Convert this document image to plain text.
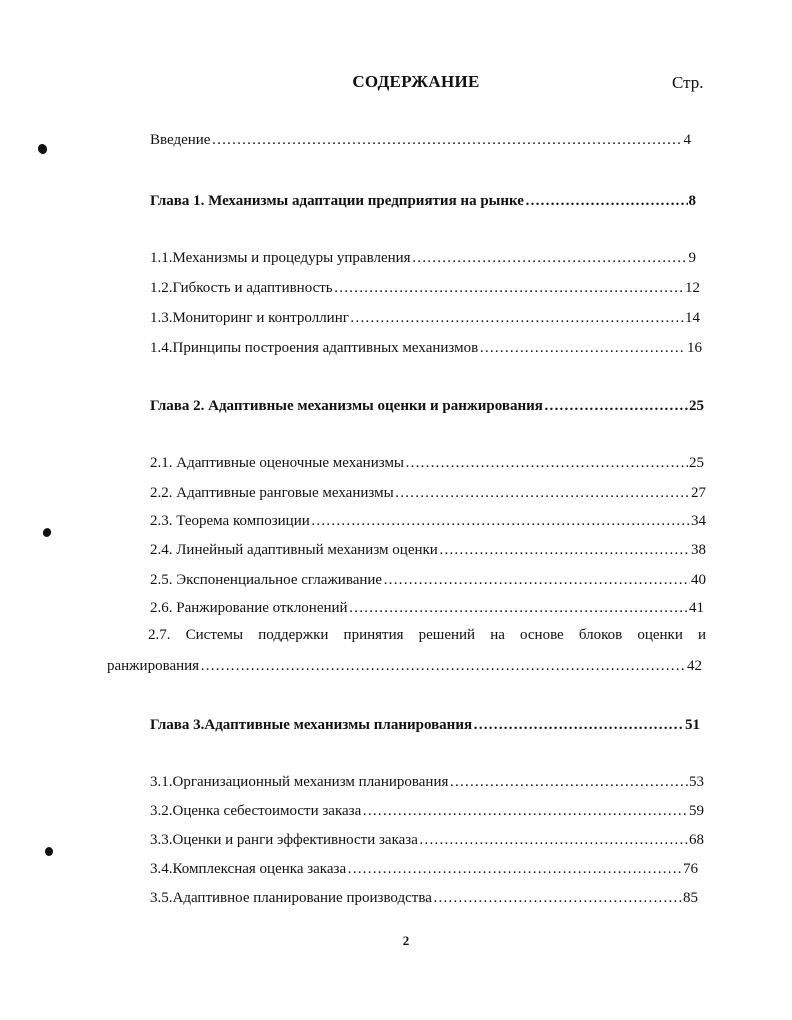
СОДЕРЖАНИЕ	Стр.
Введение …………………………………………………………………………………………………………………………………………………………………	4
Глава 1. Механизмы адаптации предприятия на рынке …………………………………………………………………………………………………………………………………………………………………	8
1.1.Механизмы и процедуры управления …………………………………………………………………………………………………………………………………………………………………	9
1.2.Гибкость и адаптивность …………………………………………………………………………………………………………………………………………………………………	12
1.3.Мониторинг и контроллинг …………………………………………………………………………………………………………………………………………………………………	14
1.4.Принципы построения адаптивных механизмов …………………………………………………………………………………………………………………………………………………………………	16
Глава 2. Адаптивные механизмы оценки и ранжирования …………………………………………………………………………………………………………………………………………………………………	25
2.1. Адаптивные оценочные механизмы …………………………………………………………………………………………………………………………………………………………………	25
2.2. Адаптивные ранговые механизмы …………………………………………………………………………………………………………………………………………………………………	27
2.3. Теорема композиции …………………………………………………………………………………………………………………………………………………………………	34
2.4. Линейный адаптивный механизм оценки …………………………………………………………………………………………………………………………………………………………………	38
2.5. Экспоненциальное сглаживание …………………………………………………………………………………………………………………………………………………………………	40
2.6. Ранжирование отклонений …………………………………………………………………………………………………………………………………………………………………	41
2.7. Системы поддержки принятия решений на основе блоков оценки и
ранжирования …………………………………………………………………………………………………………………………………………………………………	42
Глава 3.Адаптивные механизмы планирования …………………………………………………………………………………………………………………………………………………………………	51
3.1.Организационный механизм планирования …………………………………………………………………………………………………………………………………………………………………	53
3.2.Оценка себестоимости заказа …………………………………………………………………………………………………………………………………………………………………	59
3.3.Оценки и ранги эффективности заказа …………………………………………………………………………………………………………………………………………………………………	68
3.4.Комплексная оценка заказа …………………………………………………………………………………………………………………………………………………………………	76
3.5.Адаптивное планирование производства …………………………………………………………………………………………………………………………………………………………………	85
2
